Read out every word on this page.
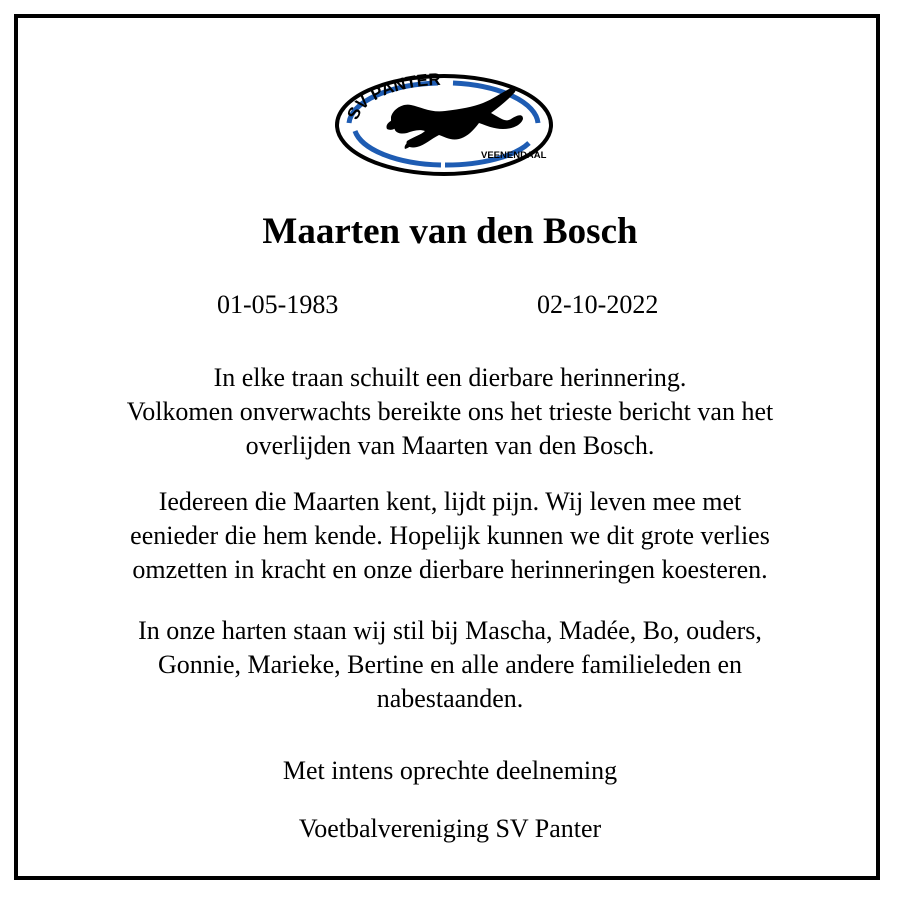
SV PANTER
VEENENDAAL
Maarten van den Bosch
01-05-1983	02-10-2022
In elke traan schuilt een dierbare herinnering.
Volkomen onverwachts bereikte ons het trieste bericht van het
overlijden van Maarten van den Bosch.
Iedereen die Maarten kent, lijdt pijn. Wij leven mee met
eenieder die hem kende. Hopelijk kunnen we dit grote verlies
omzetten in kracht en onze dierbare herinneringen koesteren.
In onze harten staan wij stil bij Mascha, Madée, Bo, ouders,
Gonnie, Marieke, Bertine en alle andere familieleden en
nabestaanden.
Met intens oprechte deelneming
Voetbalvereniging SV Panter
